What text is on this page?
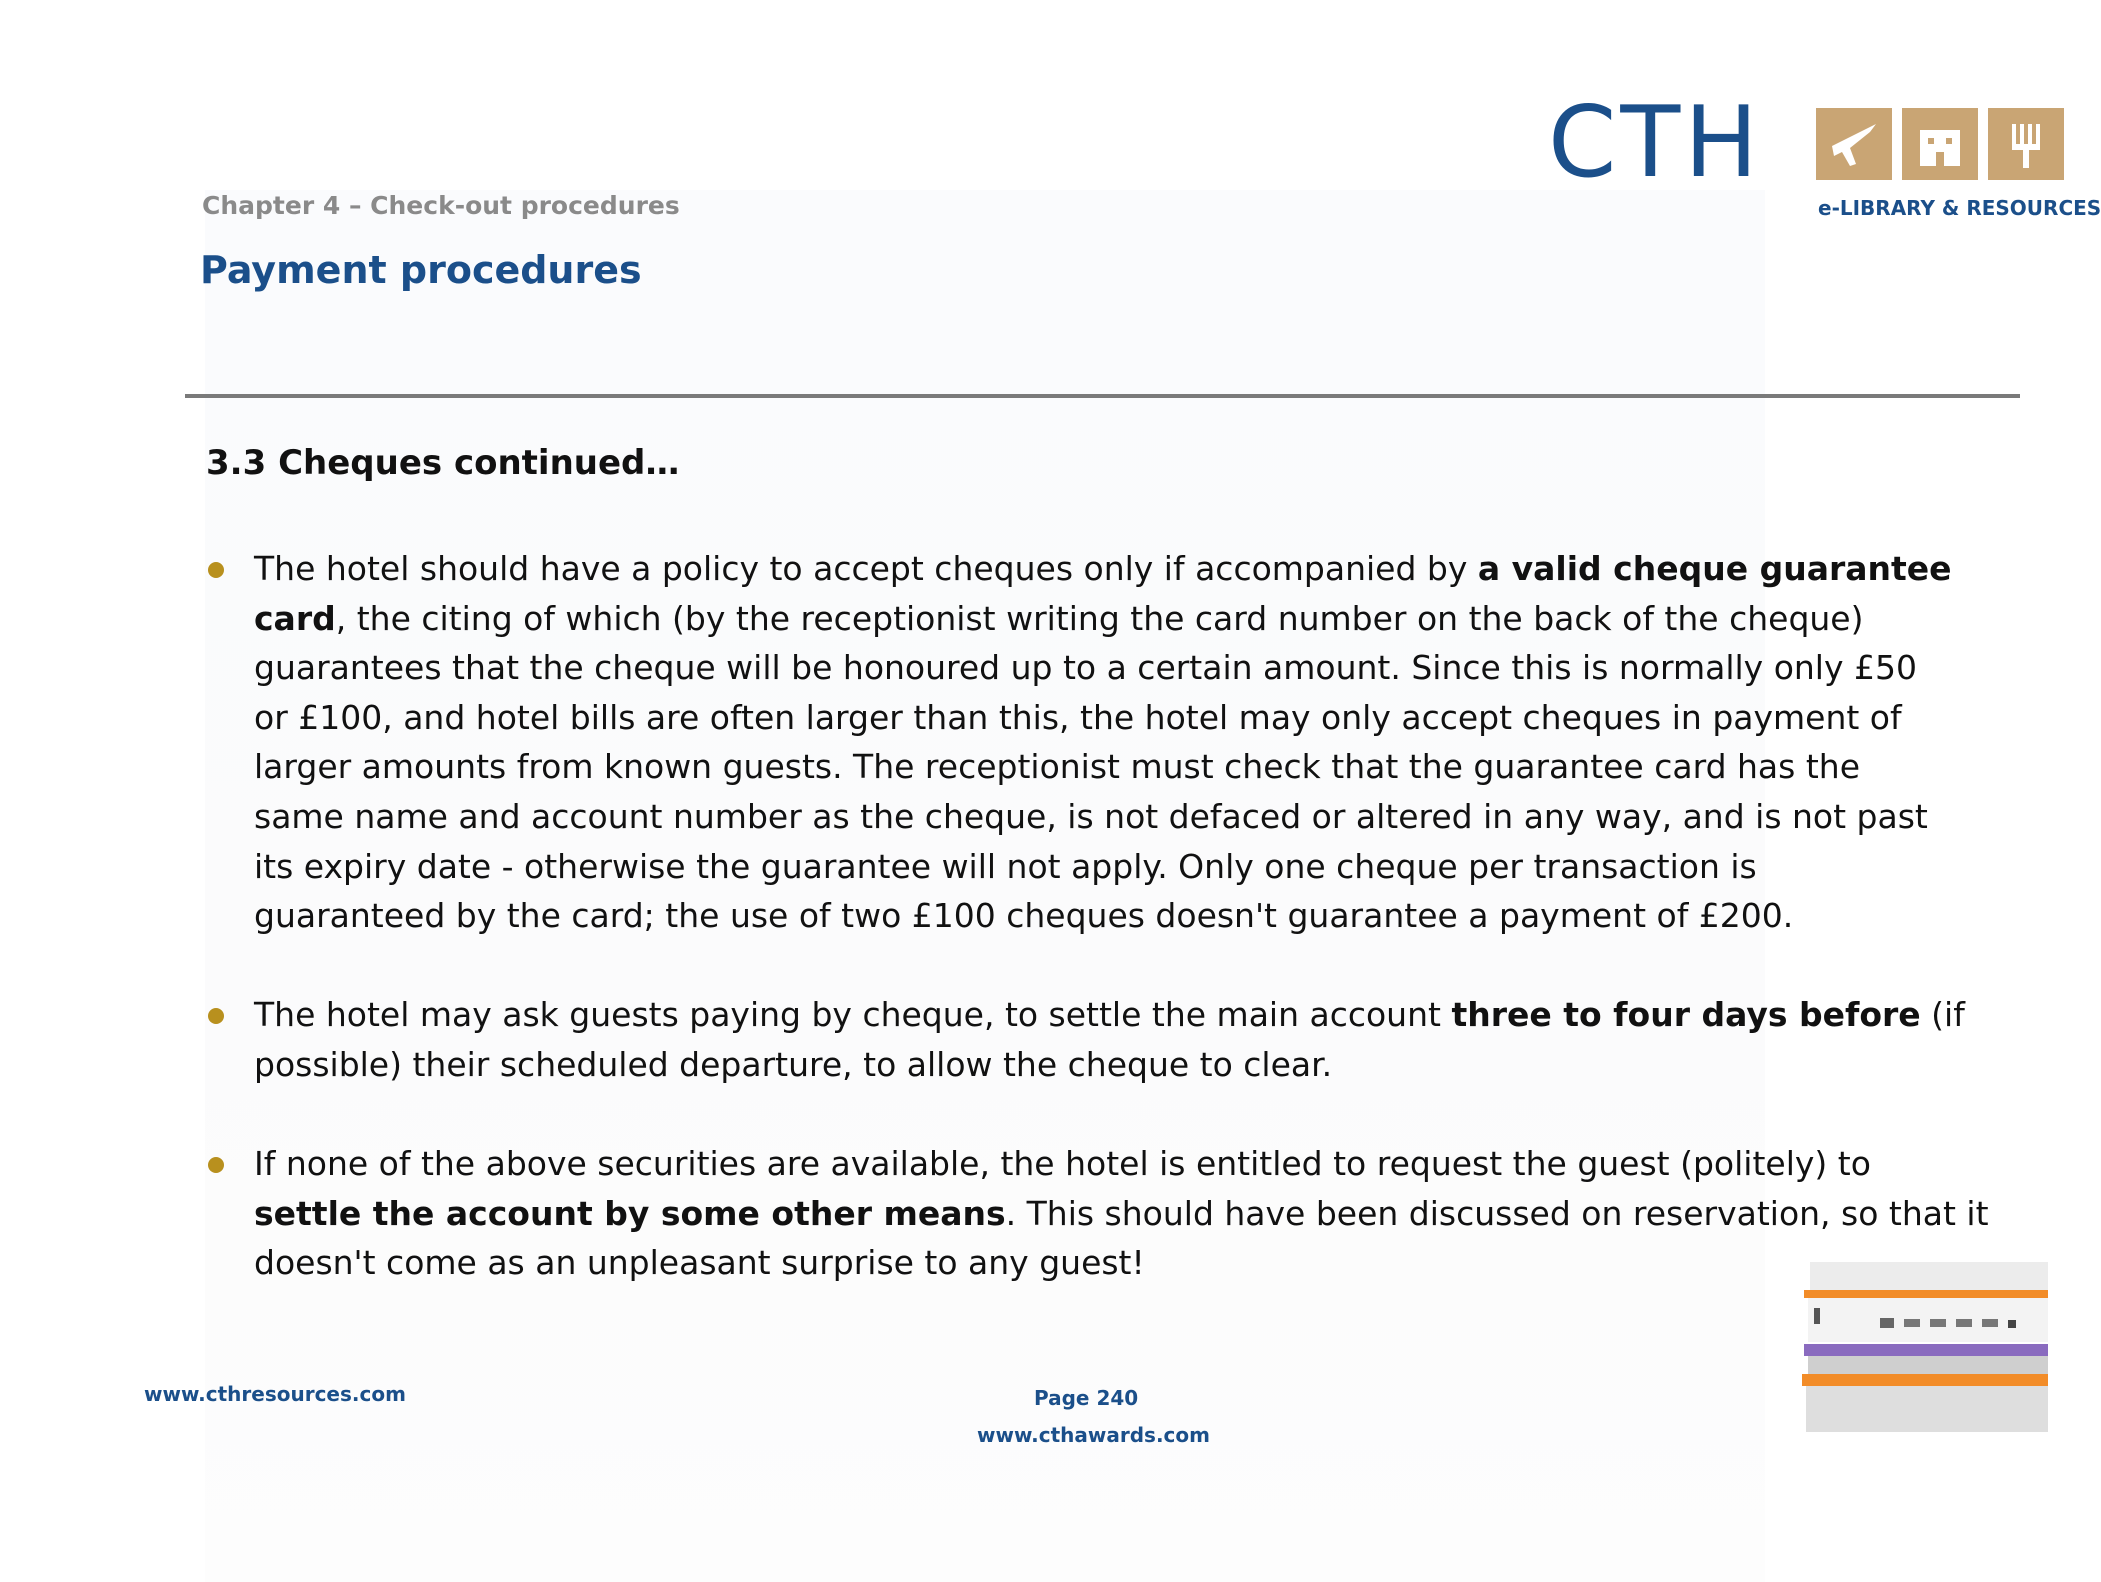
CTH
e-LIBRARY & RESOURCES
Chapter 4 – Check-out procedures
Payment procedures
3.3 Cheques continued…
The hotel should have a policy to accept cheques only if accompanied by a valid cheque guarantee
card, the citing of which (by the receptionist writing the card number on the back of the cheque)
guarantees that the cheque will be honoured up to a certain amount. Since this is normally only £50
or £100, and hotel bills are often larger than this, the hotel may only accept cheques in payment of
larger amounts from known guests. The receptionist must check that the guarantee card has the
same name and account number as the cheque, is not defaced or altered in any way, and is not past
its expiry date - otherwise the guarantee will not apply. Only one cheque per transaction is
guaranteed by the card; the use of two £100 cheques doesn't guarantee a payment of £200.
The hotel may ask guests paying by cheque, to settle the main account three to four days before (if
possible) their scheduled departure, to allow the cheque to clear.
If none of the above securities are available, the hotel is entitled to request the guest (politely) to
settle the account by some other means. This should have been discussed on reservation, so that it
doesn't come as an unpleasant surprise to any guest!
www.cthresources.com	Page 240
www.cthawards.com
